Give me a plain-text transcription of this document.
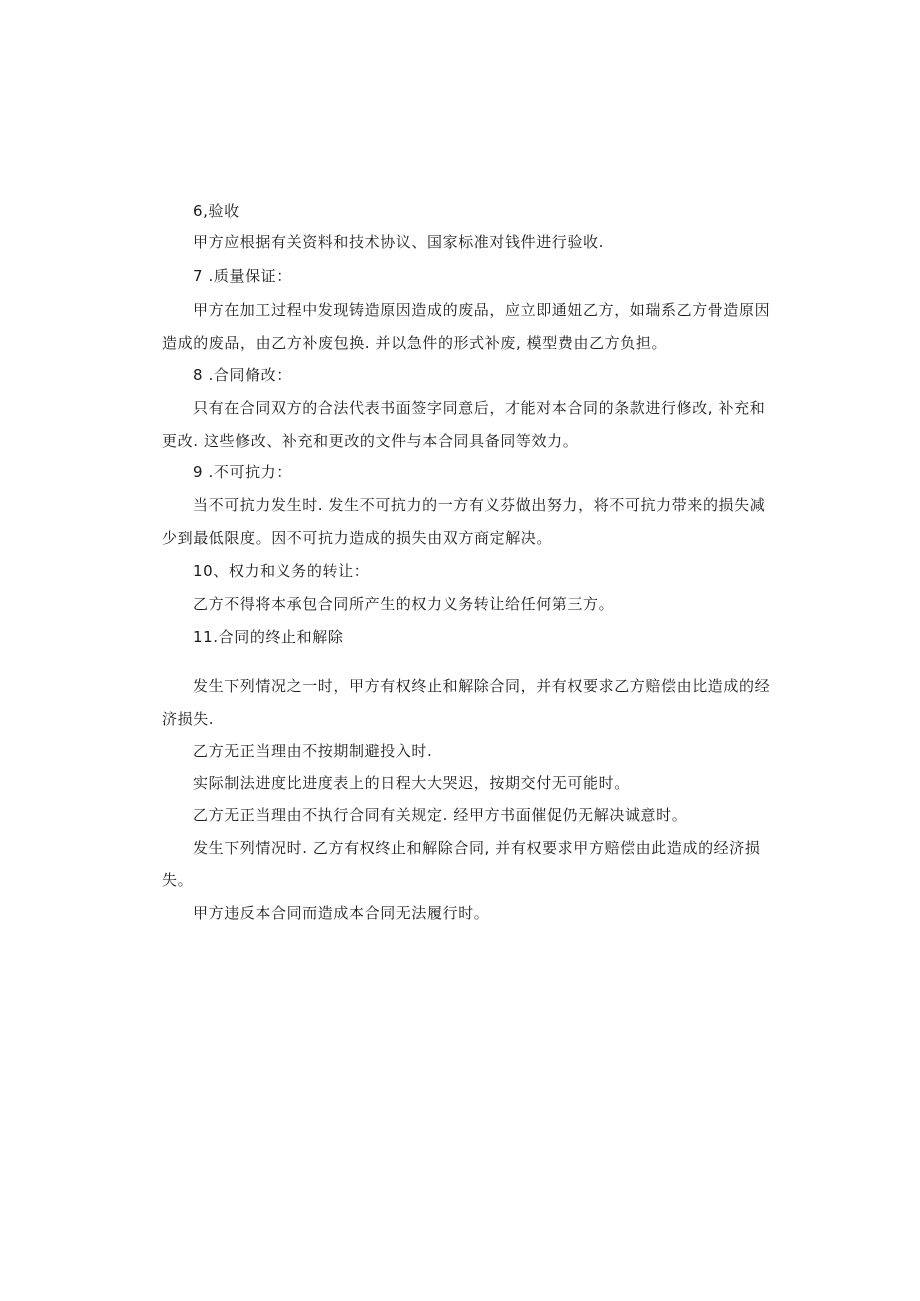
6,验收
甲方应根据有关资料和技术协议、国家标准对钱件进行验收.
7 .质量保证：
甲方在加工过程中发现铸造原因造成的废品，应立即通妞乙方，如瑞系乙方骨造原因
造成的废品，由乙方补废包换. 并以急件的形式补废, 模型费由乙方负担。
8 .合同脩改：
只有在合同双方的合法代表书面签字同意后，才能对本合同的条款进行修改, 补充和
更改. 这些修改、补充和更改的文件与本合同具备同等效力。
9 .不可抗力：
当不可抗力发生时. 发生不可抗力的一方有义芬做出努力，将不可抗力带来的损失减
少到最低限度。因不可抗力造成的损失由双方商定解决。
10、权力和义务的转让：
乙方不得将本承包合同所产生的权力义务转让给任何第三方。
11.合同的终止和解除
发生下列情况之一时，甲方有权终止和解除合同，并有权要求乙方赔偿由比造成的经
济损失.
乙方无正当理由不按期制避投入时.
实际制法进度比进度表上的日程大大哭迟，按期交付无可能时。
乙方无正当理由不执行合同有关规定. 经甲方书面催促仍无解决诚意时。
发生下列情况时. 乙方有权终止和解除合同, 并有权要求甲方赔偿由此造成的经济损
失。
甲方违反本合同而造成本合同无法履行时。
